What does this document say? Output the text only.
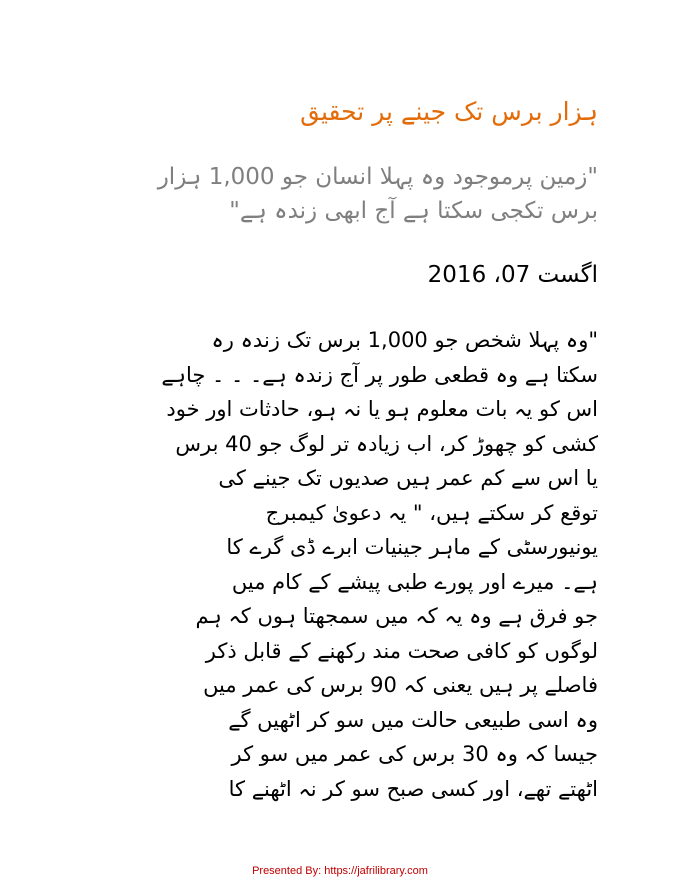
ہزار برس تک جینے پر تحقیق
"زمین پرموجود وہ پہلا انسان جو 1,000 ہزار
برس تکجی سکتا ہے آج ابھی زندہ ہے"
اگست 07، 2016
"وہ پہلا شخص جو 1,000 برس تک زندہ رہ
سکتا ہے وہ قطعی طور پر آج زندہ ہے۔ ۔ ۔ چاہے
اس کو یہ بات معلوم ہو یا نہ ہو، حادثات اور خود
کشی کو چھوڑ کر، اب زیادہ تر لوگ جو 40 برس
یا اس سے کم عمر ہیں صدیوں تک جینے کی
توقع کر سکتے ہیں، " یہ دعویٰ کیمبرج
یونیورسٹی کے ماہر جینیات ابرے ڈی گرے کا
ہے۔ میرے اور پورے طبی پیشے کے کام میں
جو فرق ہے وہ یہ کہ میں سمجھتا ہوں کہ ہم
لوگوں کو کافی صحت مند رکھنے کے قابل ذکر
فاصلے پر ہیں یعنی کہ 90 برس کی عمر میں
وہ اسی طبیعی حالت میں سو کر اٹھیں گے
جیسا کہ وہ 30 برس کی عمر میں سو کر
اٹھتے تھے، اور کسی صبح سو کر نہ اٹھنے کا
Presented By: https://jafrilibrary.com
